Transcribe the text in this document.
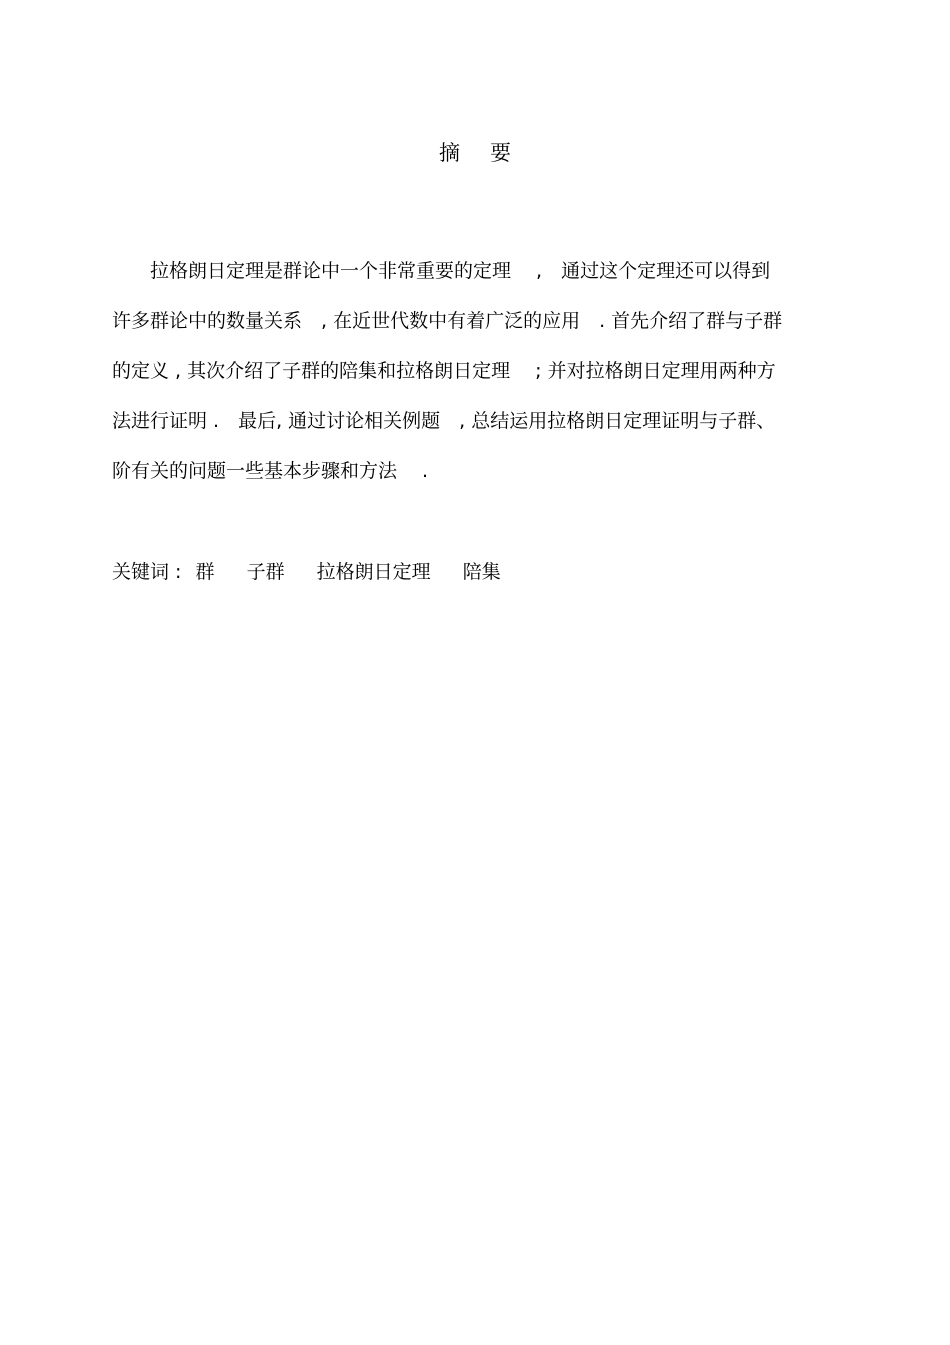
摘 要
　　拉格朗日定理是群论中一个非常重要的定理　 ,　通过这个定理还可以得到
许多群论中的数量关系　, 在近世代数中有着广泛的应用　. 首先介绍了群与子群
的定义 , 其次介绍了子群的陪集和拉格朗日定理　 ; 并对拉格朗日定理用两种方
法进行证明 .　最后, 通过讨论相关例题　, 总结运用拉格朗日定理证明与子群、
阶有关的问题一些基本步骤和方法　 .
关键词 : 群 子群 拉格朗日定理 陪集
